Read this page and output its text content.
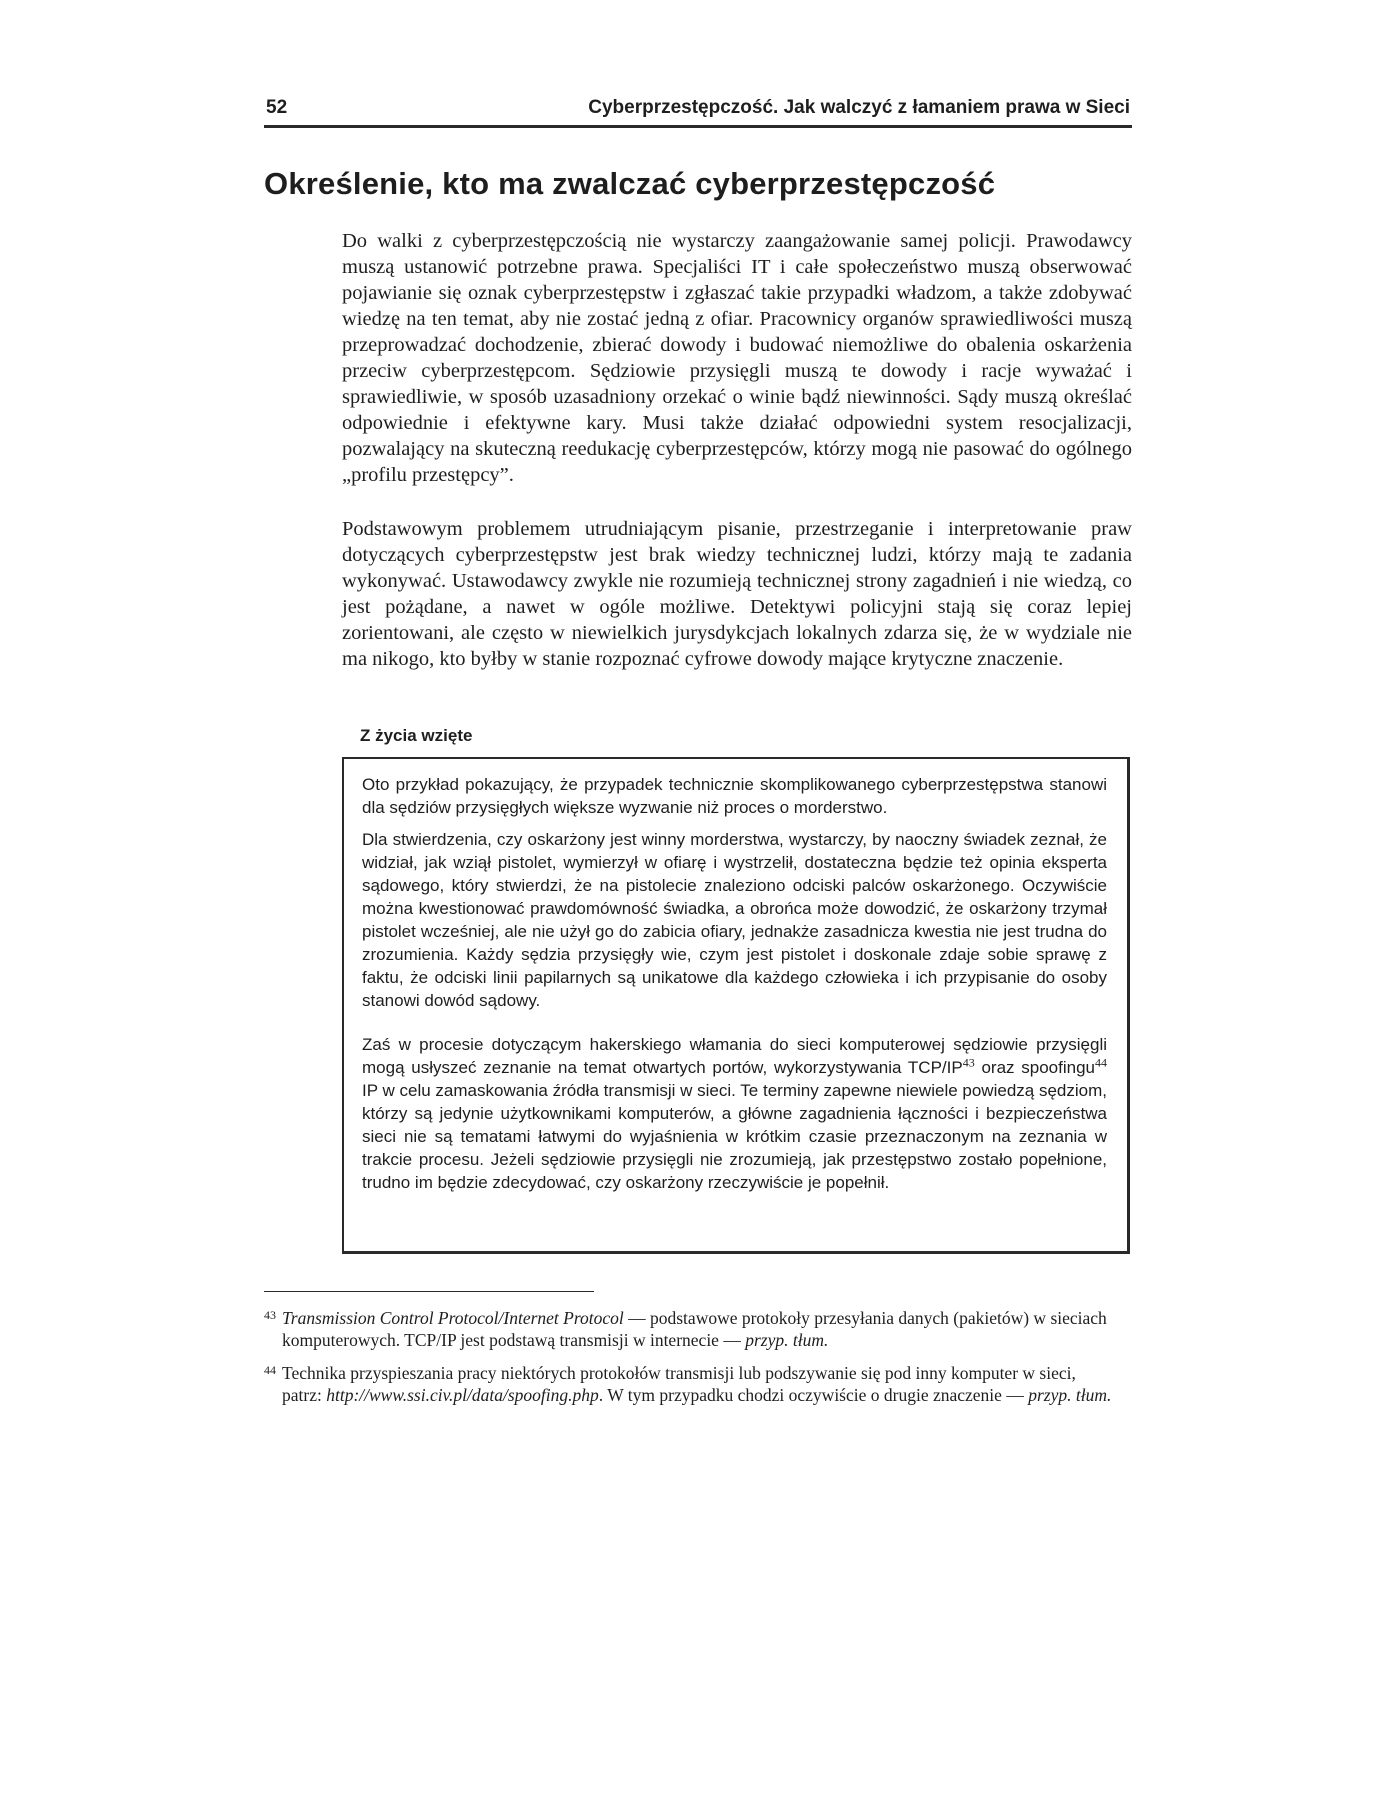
52	Cyberprzestępczość. Jak walczyć z łamaniem prawa w Sieci
Określenie, kto ma zwalczać cyberprzestępczość

Do walki z cyberprzestępczością nie wystarczy zaangażowanie samej policji. Prawodawcy muszą ustanowić potrzebne prawa. Specjaliści IT i całe społeczeństwo muszą obserwować pojawianie się oznak cyberprzestępstw i zgłaszać takie przypadki władzom, a także zdobywać wiedzę na ten temat, aby nie zostać jedną z ofiar. Pracownicy organów sprawiedliwości muszą przeprowadzać dochodzenie, zbierać dowody i budować niemożliwe do obalenia oskarżenia przeciw cyberprzestępcom. Sędziowie przysięgli muszą te dowody i racje wyważać i sprawiedliwie, w sposób uzasadniony orzekać o winie bądź niewinności. Sądy muszą określać odpowiednie i efektywne kary. Musi także działać odpowiedni system resocjalizacji, pozwalający na skuteczną reedukację cyberprzestępców, którzy mogą nie pasować do ogólnego „profilu przestępcy”.

Podstawowym problemem utrudniającym pisanie, przestrzeganie i interpretowanie praw dotyczących cyberprzestępstw jest brak wiedzy technicznej ludzi, którzy mają te zadania wykonywać. Ustawodawcy zwykle nie rozumieją technicznej strony zagadnień i nie wiedzą, co jest pożądane, a nawet w ogóle możliwe. Detektywi policyjni stają się coraz lepiej zorientowani, ale często w niewielkich jurysdykcjach lokalnych zdarza się, że w wydziale nie ma nikogo, kto byłby w stanie rozpoznać cyfrowe dowody mające krytyczne znaczenie.

Z życia wzięte

Oto przykład pokazujący, że przypadek technicznie skomplikowanego cyberprzestępstwa stanowi dla sędziów przysięgłych większe wyzwanie niż proces o morderstwo.

Dla stwierdzenia, czy oskarżony jest winny morderstwa, wystarczy, by naoczny świadek zeznał, że widział, jak wziął pistolet, wymierzył w ofiarę i wystrzelił, dostateczna będzie też opinia eksperta sądowego, który stwierdzi, że na pistolecie znaleziono odciski palców oskarżonego. Oczywiście można kwestionować prawdomówność świadka, a obrońca może dowodzić, że oskarżony trzymał pistolet wcześniej, ale nie użył go do zabicia ofiary, jednakże zasadnicza kwestia nie jest trudna do zrozumienia. Każdy sędzia przysięgły wie, czym jest pistolet i doskonale zdaje sobie sprawę z faktu, że odciski linii papilarnych są unikatowe dla każdego człowieka i ich przypisanie do osoby stanowi dowód sądowy.

Zaś w procesie dotyczącym hakerskiego włamania do sieci komputerowej sędziowie przysięgli mogą usłyszeć zeznanie na temat otwartych portów, wykorzystywania TCP/IP$^{43}$ oraz spoofingu$^{44}$ IP w celu zamaskowania źródła transmisji w sieci. Te terminy zapewne niewiele powiedzą sędziom, którzy są jedynie użytkownikami komputerów, a główne zagadnienia łączności i bezpieczeństwa sieci nie są tematami łatwymi do wyjaśnienia w krótkim czasie przeznaczonym na zeznania w trakcie procesu. Jeżeli sędziowie przysięgli nie zrozumieją, jak przestępstwo zostało popełnione, trudno im będzie zdecydować, czy oskarżony rzeczywiście je popełnił.

43 Transmission Control Protocol/Internet Protocol — podstawowe protokoły przesyłania danych (pakietów) w sieciach komputerowych. TCP/IP jest podstawą transmisji w internecie — przyp. tłum.

44 Technika przyspieszania pracy niektórych protokołów transmisji lub podszywanie się pod inny komputer w sieci, patrz: http://www.ssi.civ.pl/data/spoofing.php. W tym przypadku chodzi oczywiście o drugie znaczenie — przyp. tłum.
